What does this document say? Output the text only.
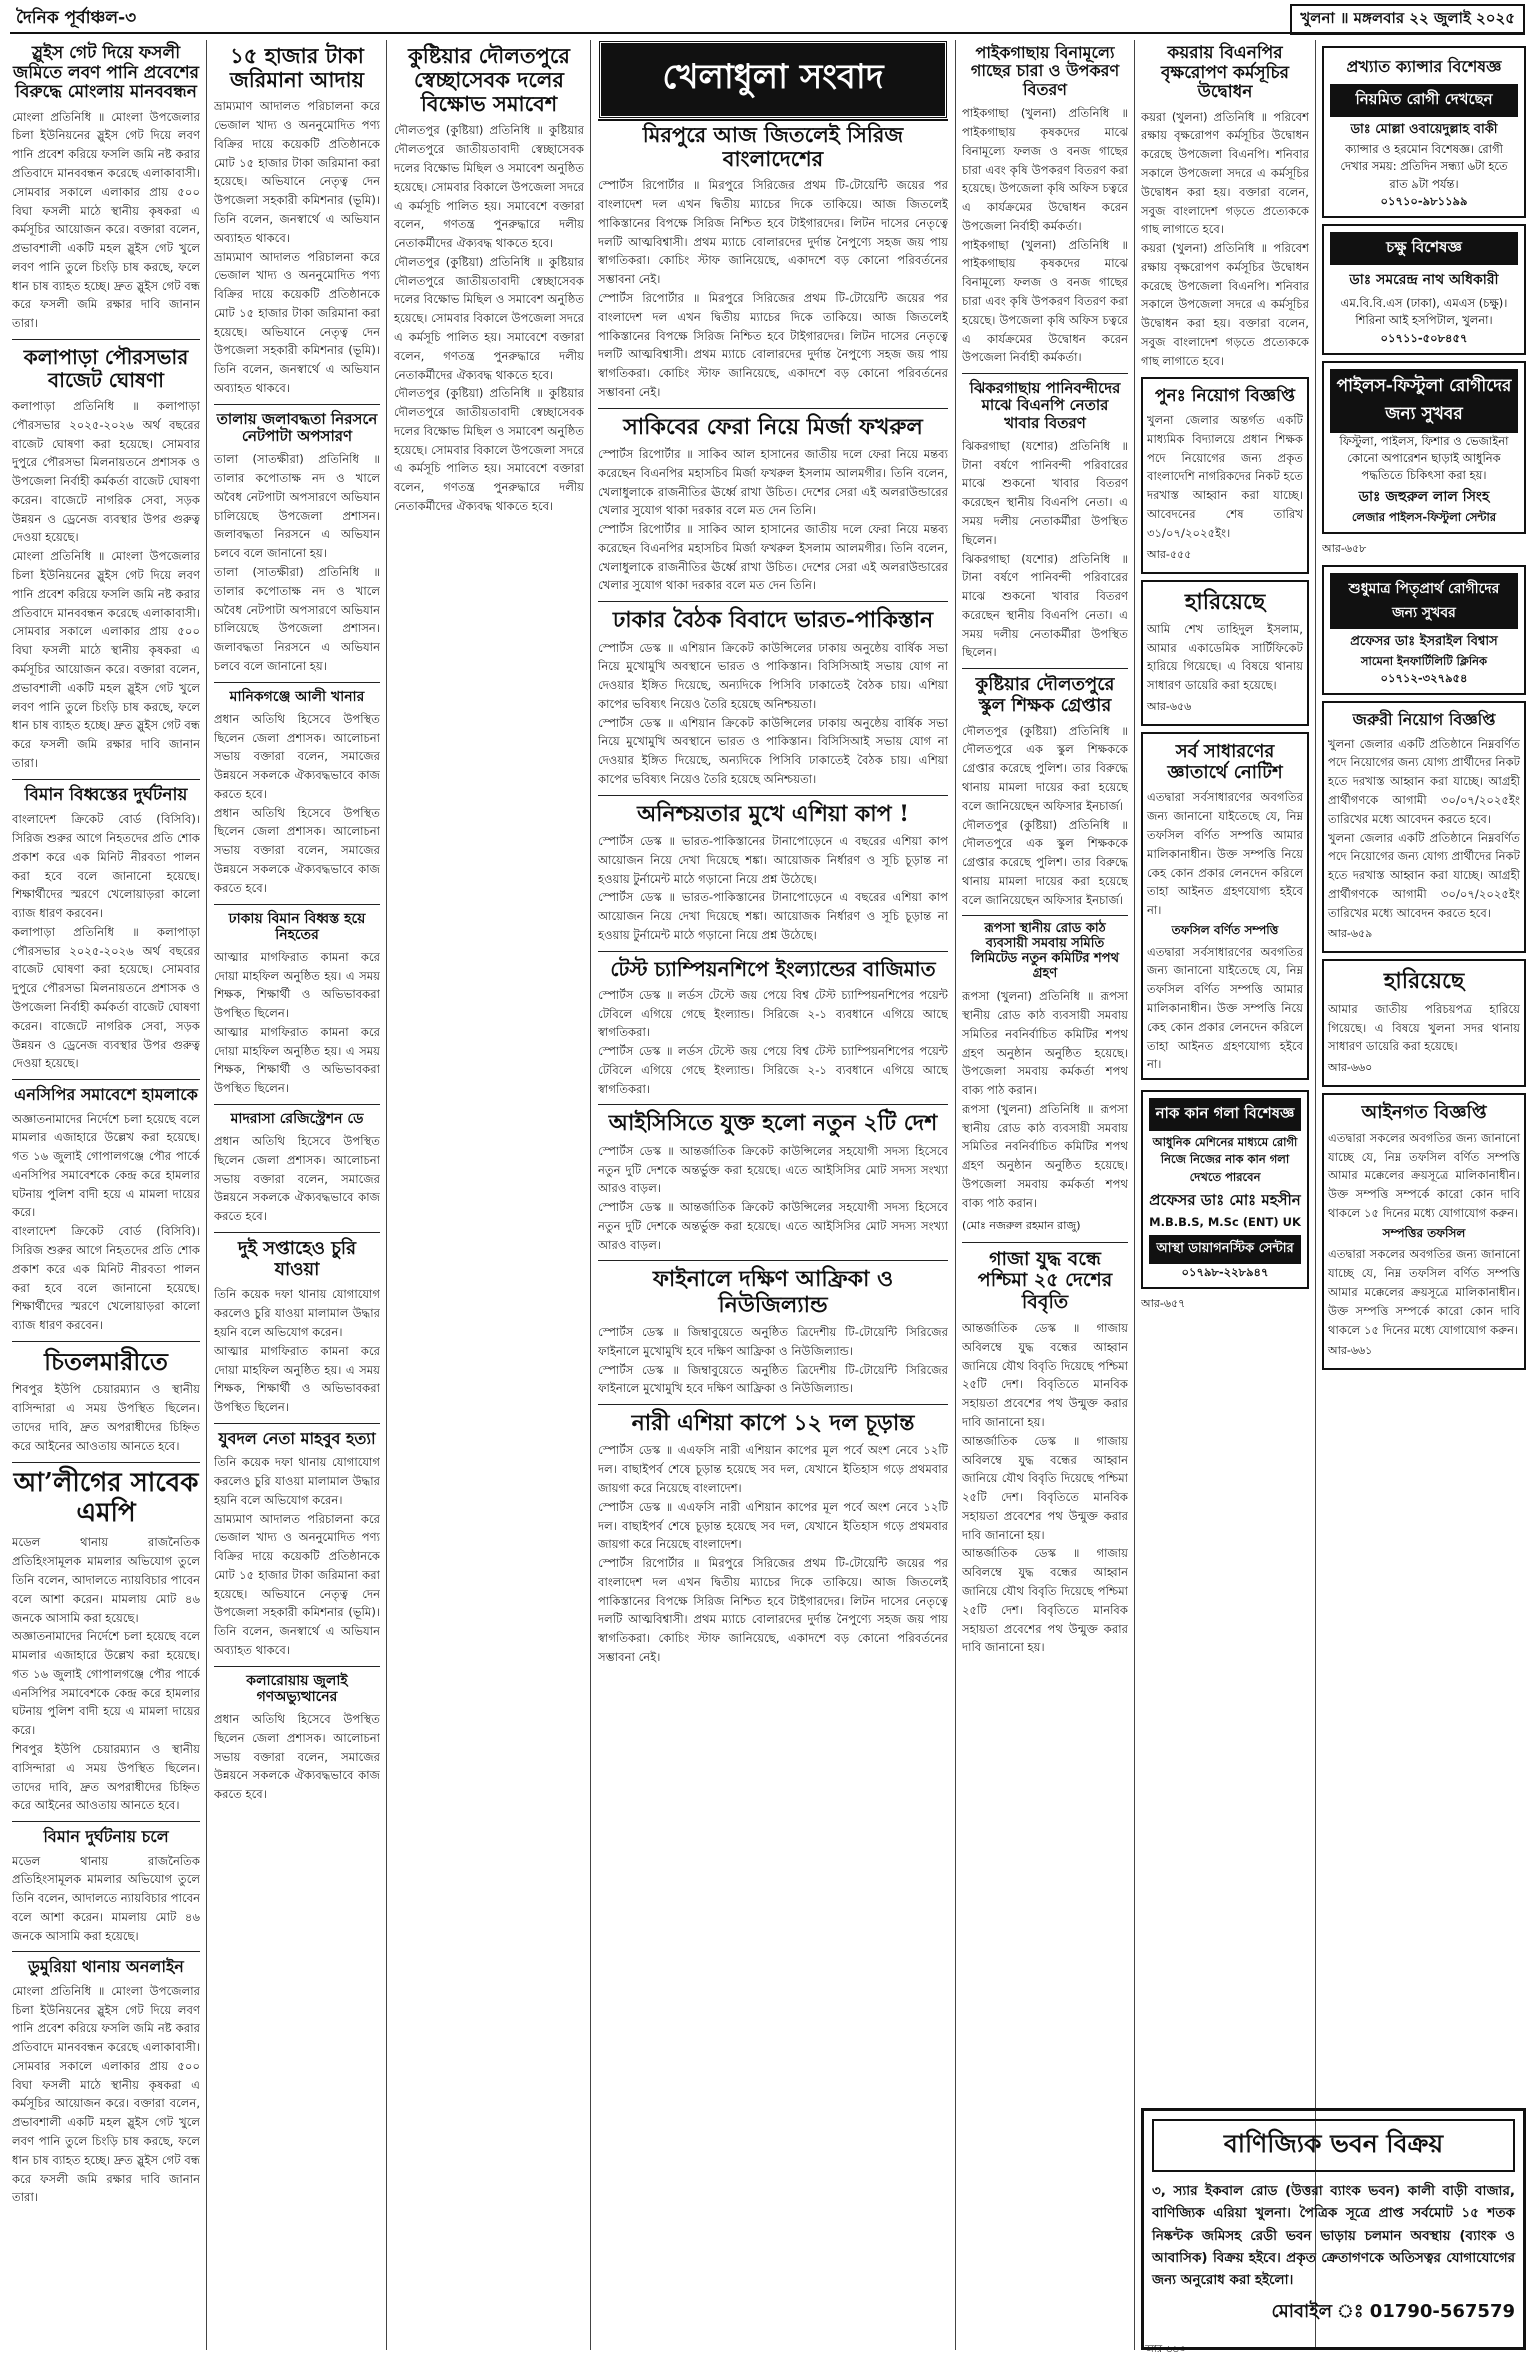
দৈনিক পূর্বাঞ্চল-৩	খুলনা ॥ মঙ্গলবার ২২ জুলাই ২০২৫
স্লুইস গেট দিয়ে ফসলী জমিতে লবণ পানি প্রবেশের বিরুদ্ধে মোংলায় মানববন্ধন

মোংলা প্রতিনিধি ॥ মোংলা উপজেলার চিলা ইউনিয়নের স্লুইস গেট দিয়ে লবণ পানি প্রবেশ করিয়ে ফসলি জমি নষ্ট করার প্রতিবাদে মানববন্ধন করেছে এলাকাবাসী। সোমবার সকালে এলাকার প্রায় ৫০০ বিঘা ফসলী মাঠে স্থানীয় কৃষকরা এ কর্মসূচির আয়োজন করে। বক্তারা বলেন, প্রভাবশালী একটি মহল স্লুইস গেট খুলে লবণ পানি তুলে চিংড়ি চাষ করছে, ফলে ধান চাষ ব্যাহত হচ্ছে। দ্রুত স্লুইস গেট বন্ধ করে ফসলী জমি রক্ষার দাবি জানান তারা।

কলাপাড়া পৌরসভার বাজেট ঘোষণা

কলাপাড়া প্রতিনিধি ॥ কলাপাড়া পৌরসভার ২০২৫-২০২৬ অর্থ বছরের বাজেট ঘোষণা করা হয়েছে। সোমবার দুপুরে পৌরসভা মিলনায়তনে প্রশাসক ও উপজেলা নির্বাহী কর্মকর্তা বাজেট ঘোষণা করেন। বাজেটে নাগরিক সেবা, সড়ক উন্নয়ন ও ড্রেনেজ ব্যবস্থার উপর গুরুত্ব দেওয়া হয়েছে।

মোংলা প্রতিনিধি ॥ মোংলা উপজেলার চিলা ইউনিয়নের স্লুইস গেট দিয়ে লবণ পানি প্রবেশ করিয়ে ফসলি জমি নষ্ট করার প্রতিবাদে মানববন্ধন করেছে এলাকাবাসী। সোমবার সকালে এলাকার প্রায় ৫০০ বিঘা ফসলী মাঠে স্থানীয় কৃষকরা এ কর্মসূচির আয়োজন করে। বক্তারা বলেন, প্রভাবশালী একটি মহল স্লুইস গেট খুলে লবণ পানি তুলে চিংড়ি চাষ করছে, ফলে ধান চাষ ব্যাহত হচ্ছে। দ্রুত স্লুইস গেট বন্ধ করে ফসলী জমি রক্ষার দাবি জানান তারা।

বিমান বিধ্বস্তের দুর্ঘটনায়

বাংলাদেশ ক্রিকেট বোর্ড (বিসিবি)। সিরিজ শুরুর আগে নিহতদের প্রতি শোক প্রকাশ করে এক মিনিট নীরবতা পালন করা হবে বলে জানানো হয়েছে। শিক্ষার্থীদের স্মরণে খেলোয়াড়রা কালো ব্যাজ ধারণ করবেন।

কলাপাড়া প্রতিনিধি ॥ কলাপাড়া পৌরসভার ২০২৫-২০২৬ অর্থ বছরের বাজেট ঘোষণা করা হয়েছে। সোমবার দুপুরে পৌরসভা মিলনায়তনে প্রশাসক ও উপজেলা নির্বাহী কর্মকর্তা বাজেট ঘোষণা করেন। বাজেটে নাগরিক সেবা, সড়ক উন্নয়ন ও ড্রেনেজ ব্যবস্থার উপর গুরুত্ব দেওয়া হয়েছে।

এনসিপির সমাবেশে হামলাকে

অজ্ঞাতনামাদের নির্দেশে চলা হয়েছে বলে মামলার এজাহারে উল্লেখ করা হয়েছে। গত ১৬ জুলাই গোপালগঞ্জে পৌর পার্কে এনসিপির সমাবেশকে কেন্দ্র করে হামলার ঘটনায় পুলিশ বাদী হয়ে এ মামলা দায়ের করে।

বাংলাদেশ ক্রিকেট বোর্ড (বিসিবি)। সিরিজ শুরুর আগে নিহতদের প্রতি শোক প্রকাশ করে এক মিনিট নীরবতা পালন করা হবে বলে জানানো হয়েছে। শিক্ষার্থীদের স্মরণে খেলোয়াড়রা কালো ব্যাজ ধারণ করবেন।

চিতলমারীতে

শিবপুর ইউপি চেয়ারম্যান ও স্থানীয় বাসিন্দারা এ সময় উপস্থিত ছিলেন। তাদের দাবি, দ্রুত অপরাধীদের চিহ্নিত করে আইনের আওতায় আনতে হবে।

আ’লীগের সাবেক এমপি

মডেল থানায় রাজনৈতিক প্রতিহিংসামূলক মামলার অভিযোগ তুলে তিনি বলেন, আদালতে ন্যায়বিচার পাবেন বলে আশা করেন। মামলায় মোট ৪৬ জনকে আসামি করা হয়েছে।

অজ্ঞাতনামাদের নির্দেশে চলা হয়েছে বলে মামলার এজাহারে উল্লেখ করা হয়েছে। গত ১৬ জুলাই গোপালগঞ্জে পৌর পার্কে এনসিপির সমাবেশকে কেন্দ্র করে হামলার ঘটনায় পুলিশ বাদী হয়ে এ মামলা দায়ের করে।

শিবপুর ইউপি চেয়ারম্যান ও স্থানীয় বাসিন্দারা এ সময় উপস্থিত ছিলেন। তাদের দাবি, দ্রুত অপরাধীদের চিহ্নিত করে আইনের আওতায় আনতে হবে।

বিমান দুর্ঘটনায় চলে

মডেল থানায় রাজনৈতিক প্রতিহিংসামূলক মামলার অভিযোগ তুলে তিনি বলেন, আদালতে ন্যায়বিচার পাবেন বলে আশা করেন। মামলায় মোট ৪৬ জনকে আসামি করা হয়েছে।

ডুমুরিয়া থানায় অনলাইন

মোংলা প্রতিনিধি ॥ মোংলা উপজেলার চিলা ইউনিয়নের স্লুইস গেট দিয়ে লবণ পানি প্রবেশ করিয়ে ফসলি জমি নষ্ট করার প্রতিবাদে মানববন্ধন করেছে এলাকাবাসী। সোমবার সকালে এলাকার প্রায় ৫০০ বিঘা ফসলী মাঠে স্থানীয় কৃষকরা এ কর্মসূচির আয়োজন করে। বক্তারা বলেন, প্রভাবশালী একটি মহল স্লুইস গেট খুলে লবণ পানি তুলে চিংড়ি চাষ করছে, ফলে ধান চাষ ব্যাহত হচ্ছে। দ্রুত স্লুইস গেট বন্ধ করে ফসলী জমি রক্ষার দাবি জানান তারা।

১৫ হাজার টাকা জরিমানা আদায়

ভ্রাম্যমাণ আদালত পরিচালনা করে ভেজাল খাদ্য ও অননুমোদিত পণ্য বিক্রির দায়ে কয়েকটি প্রতিষ্ঠানকে মোট ১৫ হাজার টাকা জরিমানা করা হয়েছে। অভিযানে নেতৃত্ব দেন উপজেলা সহকারী কমিশনার (ভূমি)। তিনি বলেন, জনস্বার্থে এ অভিযান অব্যাহত থাকবে।

ভ্রাম্যমাণ আদালত পরিচালনা করে ভেজাল খাদ্য ও অননুমোদিত পণ্য বিক্রির দায়ে কয়েকটি প্রতিষ্ঠানকে মোট ১৫ হাজার টাকা জরিমানা করা হয়েছে। অভিযানে নেতৃত্ব দেন উপজেলা সহকারী কমিশনার (ভূমি)। তিনি বলেন, জনস্বার্থে এ অভিযান অব্যাহত থাকবে।

তালায় জলাবদ্ধতা নিরসনে নেটপাটা অপসারণ

তালা (সাতক্ষীরা) প্রতিনিধি ॥ তালার কপোতাক্ষ নদ ও খালে অবৈধ নেটপাটা অপসারণে অভিযান চালিয়েছে উপজেলা প্রশাসন। জলাবদ্ধতা নিরসনে এ অভিযান চলবে বলে জানানো হয়।

তালা (সাতক্ষীরা) প্রতিনিধি ॥ তালার কপোতাক্ষ নদ ও খালে অবৈধ নেটপাটা অপসারণে অভিযান চালিয়েছে উপজেলা প্রশাসন। জলাবদ্ধতা নিরসনে এ অভিযান চলবে বলে জানানো হয়।

মানিকগঞ্জে আলী খানার

প্রধান অতিথি হিসেবে উপস্থিত ছিলেন জেলা প্রশাসক। আলোচনা সভায় বক্তারা বলেন, সমাজের উন্নয়নে সকলকে ঐক্যবদ্ধভাবে কাজ করতে হবে।

প্রধান অতিথি হিসেবে উপস্থিত ছিলেন জেলা প্রশাসক। আলোচনা সভায় বক্তারা বলেন, সমাজের উন্নয়নে সকলকে ঐক্যবদ্ধভাবে কাজ করতে হবে।

ঢাকায় বিমান বিধ্বস্ত হয়ে নিহতের

আত্মার মাগফিরাত কামনা করে দোয়া মাহফিল অনুষ্ঠিত হয়। এ সময় শিক্ষক, শিক্ষার্থী ও অভিভাবকরা উপস্থিত ছিলেন।

আত্মার মাগফিরাত কামনা করে দোয়া মাহফিল অনুষ্ঠিত হয়। এ সময় শিক্ষক, শিক্ষার্থী ও অভিভাবকরা উপস্থিত ছিলেন।

মাদরাসা রেজিস্ট্রেশন ডে

প্রধান অতিথি হিসেবে উপস্থিত ছিলেন জেলা প্রশাসক। আলোচনা সভায় বক্তারা বলেন, সমাজের উন্নয়নে সকলকে ঐক্যবদ্ধভাবে কাজ করতে হবে।

দুই সপ্তাহেও চুরি যাওয়া

তিনি কয়েক দফা থানায় যোগাযোগ করলেও চুরি যাওয়া মালামাল উদ্ধার হয়নি বলে অভিযোগ করেন।

আত্মার মাগফিরাত কামনা করে দোয়া মাহফিল অনুষ্ঠিত হয়। এ সময় শিক্ষক, শিক্ষার্থী ও অভিভাবকরা উপস্থিত ছিলেন।

যুবদল নেতা মাহবুব হত্যা

তিনি কয়েক দফা থানায় যোগাযোগ করলেও চুরি যাওয়া মালামাল উদ্ধার হয়নি বলে অভিযোগ করেন।

ভ্রাম্যমাণ আদালত পরিচালনা করে ভেজাল খাদ্য ও অননুমোদিত পণ্য বিক্রির দায়ে কয়েকটি প্রতিষ্ঠানকে মোট ১৫ হাজার টাকা জরিমানা করা হয়েছে। অভিযানে নেতৃত্ব দেন উপজেলা সহকারী কমিশনার (ভূমি)। তিনি বলেন, জনস্বার্থে এ অভিযান অব্যাহত থাকবে।

কলারোয়ায় জুলাই গণঅভ্যুত্থানের

প্রধান অতিথি হিসেবে উপস্থিত ছিলেন জেলা প্রশাসক। আলোচনা সভায় বক্তারা বলেন, সমাজের উন্নয়নে সকলকে ঐক্যবদ্ধভাবে কাজ করতে হবে।

কুষ্টিয়ার দৌলতপুরে স্বেচ্ছাসেবক দলের বিক্ষোভ সমাবেশ

দৌলতপুর (কুষ্টিয়া) প্রতিনিধি ॥ কুষ্টিয়ার দৌলতপুরে জাতীয়তাবাদী স্বেচ্ছাসেবক দলের বিক্ষোভ মিছিল ও সমাবেশ অনুষ্ঠিত হয়েছে। সোমবার বিকালে উপজেলা সদরে এ কর্মসূচি পালিত হয়। সমাবেশে বক্তারা বলেন, গণতন্ত্র পুনরুদ্ধারে দলীয় নেতাকর্মীদের ঐক্যবদ্ধ থাকতে হবে।

দৌলতপুর (কুষ্টিয়া) প্রতিনিধি ॥ কুষ্টিয়ার দৌলতপুরে জাতীয়তাবাদী স্বেচ্ছাসেবক দলের বিক্ষোভ মিছিল ও সমাবেশ অনুষ্ঠিত হয়েছে। সোমবার বিকালে উপজেলা সদরে এ কর্মসূচি পালিত হয়। সমাবেশে বক্তারা বলেন, গণতন্ত্র পুনরুদ্ধারে দলীয় নেতাকর্মীদের ঐক্যবদ্ধ থাকতে হবে।

দৌলতপুর (কুষ্টিয়া) প্রতিনিধি ॥ কুষ্টিয়ার দৌলতপুরে জাতীয়তাবাদী স্বেচ্ছাসেবক দলের বিক্ষোভ মিছিল ও সমাবেশ অনুষ্ঠিত হয়েছে। সোমবার বিকালে উপজেলা সদরে এ কর্মসূচি পালিত হয়। সমাবেশে বক্তারা বলেন, গণতন্ত্র পুনরুদ্ধারে দলীয় নেতাকর্মীদের ঐক্যবদ্ধ থাকতে হবে।

খেলাধুলা সংবাদ
মিরপুরে আজ জিতলেই সিরিজ বাংলাদেশের

স্পোর্টস রিপোর্টার ॥ মিরপুরে সিরিজের প্রথম টি-টোয়েন্টি জয়ের পর বাংলাদেশ দল এখন দ্বিতীয় ম্যাচের দিকে তাকিয়ে। আজ জিতলেই পাকিস্তানের বিপক্ষে সিরিজ নিশ্চিত হবে টাইগারদের। লিটন দাসের নেতৃত্বে দলটি আত্মবিশ্বাসী। প্রথম ম্যাচে বোলারদের দুর্দান্ত নৈপুণ্যে সহজ জয় পায় স্বাগতিকরা। কোচিং স্টাফ জানিয়েছে, একাদশে বড় কোনো পরিবর্তনের সম্ভাবনা নেই।

স্পোর্টস রিপোর্টার ॥ মিরপুরে সিরিজের প্রথম টি-টোয়েন্টি জয়ের পর বাংলাদেশ দল এখন দ্বিতীয় ম্যাচের দিকে তাকিয়ে। আজ জিতলেই পাকিস্তানের বিপক্ষে সিরিজ নিশ্চিত হবে টাইগারদের। লিটন দাসের নেতৃত্বে দলটি আত্মবিশ্বাসী। প্রথম ম্যাচে বোলারদের দুর্দান্ত নৈপুণ্যে সহজ জয় পায় স্বাগতিকরা। কোচিং স্টাফ জানিয়েছে, একাদশে বড় কোনো পরিবর্তনের সম্ভাবনা নেই।

সাকিবের ফেরা নিয়ে মির্জা ফখরুল

স্পোর্টস রিপোর্টার ॥ সাকিব আল হাসানের জাতীয় দলে ফেরা নিয়ে মন্তব্য করেছেন বিএনপির মহাসচিব মির্জা ফখরুল ইসলাম আলমগীর। তিনি বলেন, খেলাধুলাকে রাজনীতির ঊর্ধ্বে রাখা উচিত। দেশের সেরা এই অলরাউন্ডারের খেলার সুযোগ থাকা দরকার বলে মত দেন তিনি।

স্পোর্টস রিপোর্টার ॥ সাকিব আল হাসানের জাতীয় দলে ফেরা নিয়ে মন্তব্য করেছেন বিএনপির মহাসচিব মির্জা ফখরুল ইসলাম আলমগীর। তিনি বলেন, খেলাধুলাকে রাজনীতির ঊর্ধ্বে রাখা উচিত। দেশের সেরা এই অলরাউন্ডারের খেলার সুযোগ থাকা দরকার বলে মত দেন তিনি।

ঢাকার বৈঠক বিবাদে ভারত-পাকিস্তান

স্পোর্টস ডেস্ক ॥ এশিয়ান ক্রিকেট কাউন্সিলের ঢাকায় অনুষ্ঠেয় বার্ষিক সভা নিয়ে মুখোমুখি অবস্থানে ভারত ও পাকিস্তান। বিসিসিআই সভায় যোগ না দেওয়ার ইঙ্গিত দিয়েছে, অন্যদিকে পিসিবি ঢাকাতেই বৈঠক চায়। এশিয়া কাপের ভবিষ্যৎ নিয়েও তৈরি হয়েছে অনিশ্চয়তা।

স্পোর্টস ডেস্ক ॥ এশিয়ান ক্রিকেট কাউন্সিলের ঢাকায় অনুষ্ঠেয় বার্ষিক সভা নিয়ে মুখোমুখি অবস্থানে ভারত ও পাকিস্তান। বিসিসিআই সভায় যোগ না দেওয়ার ইঙ্গিত দিয়েছে, অন্যদিকে পিসিবি ঢাকাতেই বৈঠক চায়। এশিয়া কাপের ভবিষ্যৎ নিয়েও তৈরি হয়েছে অনিশ্চয়তা।

অনিশ্চয়তার মুখে এশিয়া কাপ !

স্পোর্টস ডেস্ক ॥ ভারত-পাকিস্তানের টানাপোড়েনে এ বছরের এশিয়া কাপ আয়োজন নিয়ে দেখা দিয়েছে শঙ্কা। আয়োজক নির্ধারণ ও সূচি চূড়ান্ত না হওয়ায় টুর্নামেন্ট মাঠে গড়ানো নিয়ে প্রশ্ন উঠেছে।

স্পোর্টস ডেস্ক ॥ ভারত-পাকিস্তানের টানাপোড়েনে এ বছরের এশিয়া কাপ আয়োজন নিয়ে দেখা দিয়েছে শঙ্কা। আয়োজক নির্ধারণ ও সূচি চূড়ান্ত না হওয়ায় টুর্নামেন্ট মাঠে গড়ানো নিয়ে প্রশ্ন উঠেছে।

টেস্ট চ্যাম্পিয়নশিপে ইংল্যান্ডের বাজিমাত

স্পোর্টস ডেস্ক ॥ লর্ডস টেস্টে জয় পেয়ে বিশ্ব টেস্ট চ্যাম্পিয়নশিপের পয়েন্ট টেবিলে এগিয়ে গেছে ইংল্যান্ড। সিরিজে ২-১ ব্যবধানে এগিয়ে আছে স্বাগতিকরা।

স্পোর্টস ডেস্ক ॥ লর্ডস টেস্টে জয় পেয়ে বিশ্ব টেস্ট চ্যাম্পিয়নশিপের পয়েন্ট টেবিলে এগিয়ে গেছে ইংল্যান্ড। সিরিজে ২-১ ব্যবধানে এগিয়ে আছে স্বাগতিকরা।

আইসিসিতে যুক্ত হলো নতুন ২টি দেশ

স্পোর্টস ডেস্ক ॥ আন্তর্জাতিক ক্রিকেট কাউন্সিলের সহযোগী সদস্য হিসেবে নতুন দুটি দেশকে অন্তর্ভুক্ত করা হয়েছে। এতে আইসিসির মোট সদস্য সংখ্যা আরও বাড়ল।

স্পোর্টস ডেস্ক ॥ আন্তর্জাতিক ক্রিকেট কাউন্সিলের সহযোগী সদস্য হিসেবে নতুন দুটি দেশকে অন্তর্ভুক্ত করা হয়েছে। এতে আইসিসির মোট সদস্য সংখ্যা আরও বাড়ল।

ফাইনালে দক্ষিণ আফ্রিকা ও নিউজিল্যান্ড

স্পোর্টস ডেস্ক ॥ জিম্বাবুয়েতে অনুষ্ঠিত ত্রিদেশীয় টি-টোয়েন্টি সিরিজের ফাইনালে মুখোমুখি হবে দক্ষিণ আফ্রিকা ও নিউজিল্যান্ড।

স্পোর্টস ডেস্ক ॥ জিম্বাবুয়েতে অনুষ্ঠিত ত্রিদেশীয় টি-টোয়েন্টি সিরিজের ফাইনালে মুখোমুখি হবে দক্ষিণ আফ্রিকা ও নিউজিল্যান্ড।

নারী এশিয়া কাপে ১২ দল চূড়ান্ত

স্পোর্টস ডেস্ক ॥ এএফসি নারী এশিয়ান কাপের মূল পর্বে অংশ নেবে ১২টি দল। বাছাইপর্ব শেষে চূড়ান্ত হয়েছে সব দল, যেখানে ইতিহাস গড়ে প্রথমবার জায়গা করে নিয়েছে বাংলাদেশ।

স্পোর্টস ডেস্ক ॥ এএফসি নারী এশিয়ান কাপের মূল পর্বে অংশ নেবে ১২টি দল। বাছাইপর্ব শেষে চূড়ান্ত হয়েছে সব দল, যেখানে ইতিহাস গড়ে প্রথমবার জায়গা করে নিয়েছে বাংলাদেশ।

স্পোর্টস রিপোর্টার ॥ মিরপুরে সিরিজের প্রথম টি-টোয়েন্টি জয়ের পর বাংলাদেশ দল এখন দ্বিতীয় ম্যাচের দিকে তাকিয়ে। আজ জিতলেই পাকিস্তানের বিপক্ষে সিরিজ নিশ্চিত হবে টাইগারদের। লিটন দাসের নেতৃত্বে দলটি আত্মবিশ্বাসী। প্রথম ম্যাচে বোলারদের দুর্দান্ত নৈপুণ্যে সহজ জয় পায় স্বাগতিকরা। কোচিং স্টাফ জানিয়েছে, একাদশে বড় কোনো পরিবর্তনের সম্ভাবনা নেই।

পাইকগাছায় বিনামূল্যে গাছের চারা ও উপকরণ বিতরণ

পাইকগাছা (খুলনা) প্রতিনিধি ॥ পাইকগাছায় কৃষকদের মাঝে বিনামূল্যে ফলজ ও বনজ গাছের চারা এবং কৃষি উপকরণ বিতরণ করা হয়েছে। উপজেলা কৃষি অফিস চত্বরে এ কার্যক্রমের উদ্বোধন করেন উপজেলা নির্বাহী কর্মকর্তা।

পাইকগাছা (খুলনা) প্রতিনিধি ॥ পাইকগাছায় কৃষকদের মাঝে বিনামূল্যে ফলজ ও বনজ গাছের চারা এবং কৃষি উপকরণ বিতরণ করা হয়েছে। উপজেলা কৃষি অফিস চত্বরে এ কার্যক্রমের উদ্বোধন করেন উপজেলা নির্বাহী কর্মকর্তা।

ঝিকরগাছায় পানিবন্দীদের মাঝে বিএনপি নেতার খাবার বিতরণ

ঝিকরগাছা (যশোর) প্রতিনিধি ॥ টানা বর্ষণে পানিবন্দী পরিবারের মাঝে শুকনো খাবার বিতরণ করেছেন স্থানীয় বিএনপি নেতা। এ সময় দলীয় নেতাকর্মীরা উপস্থিত ছিলেন।

ঝিকরগাছা (যশোর) প্রতিনিধি ॥ টানা বর্ষণে পানিবন্দী পরিবারের মাঝে শুকনো খাবার বিতরণ করেছেন স্থানীয় বিএনপি নেতা। এ সময় দলীয় নেতাকর্মীরা উপস্থিত ছিলেন।

কুষ্টিয়ার দৌলতপুরে স্কুল শিক্ষক গ্রেপ্তার

দৌলতপুর (কুষ্টিয়া) প্রতিনিধি ॥ দৌলতপুরে এক স্কুল শিক্ষককে গ্রেপ্তার করেছে পুলিশ। তার বিরুদ্ধে থানায় মামলা দায়ের করা হয়েছে বলে জানিয়েছেন অফিসার ইনচার্জ।

দৌলতপুর (কুষ্টিয়া) প্রতিনিধি ॥ দৌলতপুরে এক স্কুল শিক্ষককে গ্রেপ্তার করেছে পুলিশ। তার বিরুদ্ধে থানায় মামলা দায়ের করা হয়েছে বলে জানিয়েছেন অফিসার ইনচার্জ।

রূপসা স্থানীয় রোড কাঠ ব্যবসায়ী সমবায় সমিতি লিমিটেড নতুন কমিটির শপথ গ্রহণ

রূপসা (খুলনা) প্রতিনিধি ॥ রূপসা স্থানীয় রোড কাঠ ব্যবসায়ী সমবায় সমিতির নবনির্বাচিত কমিটির শপথ গ্রহণ অনুষ্ঠান অনুষ্ঠিত হয়েছে। উপজেলা সমবায় কর্মকর্তা শপথ বাক্য পাঠ করান।

রূপসা (খুলনা) প্রতিনিধি ॥ রূপসা স্থানীয় রোড কাঠ ব্যবসায়ী সমবায় সমিতির নবনির্বাচিত কমিটির শপথ গ্রহণ অনুষ্ঠান অনুষ্ঠিত হয়েছে। উপজেলা সমবায় কর্মকর্তা শপথ বাক্য পাঠ করান।

(মোঃ নজরুল রহমান রাজু)

গাজা যুদ্ধ বন্ধে পশ্চিমা ২৫ দেশের বিবৃতি

আন্তর্জাতিক ডেস্ক ॥ গাজায় অবিলম্বে যুদ্ধ বন্ধের আহ্বান জানিয়ে যৌথ বিবৃতি দিয়েছে পশ্চিমা ২৫টি দেশ। বিবৃতিতে মানবিক সহায়তা প্রবেশের পথ উন্মুক্ত করার দাবি জানানো হয়।

আন্তর্জাতিক ডেস্ক ॥ গাজায় অবিলম্বে যুদ্ধ বন্ধের আহ্বান জানিয়ে যৌথ বিবৃতি দিয়েছে পশ্চিমা ২৫টি দেশ। বিবৃতিতে মানবিক সহায়তা প্রবেশের পথ উন্মুক্ত করার দাবি জানানো হয়।

আন্তর্জাতিক ডেস্ক ॥ গাজায় অবিলম্বে যুদ্ধ বন্ধের আহ্বান জানিয়ে যৌথ বিবৃতি দিয়েছে পশ্চিমা ২৫টি দেশ। বিবৃতিতে মানবিক সহায়তা প্রবেশের পথ উন্মুক্ত করার দাবি জানানো হয়।

কয়রায় বিএনপির বৃক্ষরোপণ কর্মসূচির উদ্বোধন

কয়রা (খুলনা) প্রতিনিধি ॥ পরিবেশ রক্ষায় বৃক্ষরোপণ কর্মসূচির উদ্বোধন করেছে উপজেলা বিএনপি। শনিবার সকালে উপজেলা সদরে এ কর্মসূচির উদ্বোধন করা হয়। বক্তারা বলেন, সবুজ বাংলাদেশ গড়তে প্রত্যেককে গাছ লাগাতে হবে।

কয়রা (খুলনা) প্রতিনিধি ॥ পরিবেশ রক্ষায় বৃক্ষরোপণ কর্মসূচির উদ্বোধন করেছে উপজেলা বিএনপি। শনিবার সকালে উপজেলা সদরে এ কর্মসূচির উদ্বোধন করা হয়। বক্তারা বলেন, সবুজ বাংলাদেশ গড়তে প্রত্যেককে গাছ লাগাতে হবে।

পুনঃ নিয়োগ বিজ্ঞপ্তি

খুলনা জেলার অন্তর্গত একটি মাধ্যমিক বিদ্যালয়ে প্রধান শিক্ষক পদে নিয়োগের জন্য প্রকৃত বাংলাদেশি নাগরিকদের নিকট হতে দরখাস্ত আহ্বান করা যাচ্ছে। আবেদনের শেষ তারিখ ৩১/০৭/২০২৫ইং।

আর-৫৫৫

হারিয়েছে

আমি শেখ তাহিদুল ইসলাম, আমার একাডেমিক সার্টিফিকেট হারিয়ে গিয়েছে। এ বিষয়ে থানায় সাধারণ ডায়েরি করা হয়েছে।

আর-৬৫৬

সর্ব সাধারণের জ্ঞাতার্থে নোটিশ

এতদ্বারা সর্বসাধারণের অবগতির জন্য জানানো যাইতেছে যে, নিম্ন তফসিল বর্ণিত সম্পত্তি আমার মালিকানাধীন। উক্ত সম্পত্তি নিয়ে কেহ কোন প্রকার লেনদেন করিলে তাহা আইনত গ্রহণযোগ্য হইবে না।

তফসিল বর্ণিত সম্পত্তি

এতদ্বারা সর্বসাধারণের অবগতির জন্য জানানো যাইতেছে যে, নিম্ন তফসিল বর্ণিত সম্পত্তি আমার মালিকানাধীন। উক্ত সম্পত্তি নিয়ে কেহ কোন প্রকার লেনদেন করিলে তাহা আইনত গ্রহণযোগ্য হইবে না।

নাক কান গলা বিশেষজ্ঞ

আধুনিক মেশিনের মাধ্যমে রোগী নিজে নিজের নাক কান গলা দেখতে পারবেন

প্রফেসর ডাঃ মোঃ মহসীন
M.B.B.S, M.Sc (ENT) UK
আস্থা ডায়াগনস্টিক সেন্টার
০১৭৯৮-২২৮৯৪৭

আর-৬৫৭

প্রখ্যাত ক্যান্সার বিশেষজ্ঞ
নিয়মিত রোগী দেখছেন
ডাঃ মোল্লা ওবায়েদুল্লাহ বাকী

ক্যান্সার ও হরমোন বিশেষজ্ঞ। রোগী দেখার সময়: প্রতিদিন সন্ধ্যা ৬টা হতে রাত ৯টা পর্যন্ত।

০১৭১০-৯৮১১৯৯
চক্ষু বিশেষজ্ঞ
ডাঃ সমরেন্দ্র নাথ অধিকারী

এম.বি.বি.এস (ঢাকা), এমএস (চক্ষু)। শিরিনা আই হসপিটাল, খুলনা।

০১৭১১-৫০৮৪৫৭
পাইলস-ফিস্টুলা রোগীদের জন্য সুখবর

ফিস্টুলা, পাইলস, ফিশার ও ভেজাইনা কোনো অপারেশন ছাড়াই আধুনিক পদ্ধতিতে চিকিৎসা করা হয়।

ডাঃ জহুরুল লাল সিংহ
লেজার পাইলস-ফিস্টুলা সেন্টার

আর-৬৫৮

শুধুমাত্র পিতৃপ্রার্থ রোগীদের জন্য সুখবর
প্রফেসর ডাঃ ইসরাইল বিশ্বাস
সামেনা ইনফার্টিলিটি ক্লিনিক
০১৭১২-৩২৭৯৫৪
জরুরী নিয়োগ বিজ্ঞপ্তি

খুলনা জেলার একটি প্রতিষ্ঠানে নিম্নবর্ণিত পদে নিয়োগের জন্য যোগ্য প্রার্থীদের নিকট হতে দরখাস্ত আহ্বান করা যাচ্ছে। আগ্রহী প্রার্থীগণকে আগামী ৩০/০৭/২০২৫ইং তারিখের মধ্যে আবেদন করতে হবে।

খুলনা জেলার একটি প্রতিষ্ঠানে নিম্নবর্ণিত পদে নিয়োগের জন্য যোগ্য প্রার্থীদের নিকট হতে দরখাস্ত আহ্বান করা যাচ্ছে। আগ্রহী প্রার্থীগণকে আগামী ৩০/০৭/২০২৫ইং তারিখের মধ্যে আবেদন করতে হবে।

আর-৬৫৯

হারিয়েছে

আমার জাতীয় পরিচয়পত্র হারিয়ে গিয়েছে। এ বিষয়ে খুলনা সদর থানায় সাধারণ ডায়েরি করা হয়েছে।

আর-৬৬০

আইনগত বিজ্ঞপ্তি

এতদ্বারা সকলের অবগতির জন্য জানানো যাচ্ছে যে, নিম্ন তফসিল বর্ণিত সম্পত্তি আমার মক্কেলের ক্রয়সূত্রে মালিকানাধীন। উক্ত সম্পত্তি সম্পর্কে কারো কোন দাবি থাকলে ১৫ দিনের মধ্যে যোগাযোগ করুন।

সম্পত্তির তফসিল

এতদ্বারা সকলের অবগতির জন্য জানানো যাচ্ছে যে, নিম্ন তফসিল বর্ণিত সম্পত্তি আমার মক্কেলের ক্রয়সূত্রে মালিকানাধীন। উক্ত সম্পত্তি সম্পর্কে কারো কোন দাবি থাকলে ১৫ দিনের মধ্যে যোগাযোগ করুন।

আর-৬৬১

বাণিজ্যিক ভবন বিক্রয়

৩, স্যার ইকবাল রোড (উত্তরা ব্যাংক ভবন) কালী বাড়ী বাজার, বাণিজ্যিক এরিয়া খুলনা। পৈত্রিক সূত্রে প্রাপ্ত সর্বমোট ১৫ শতক নিষ্কন্টক জমিসহ রেডী ভবন ভাড়ায় চলমান অবস্থায় (ব্যাংক ও আবাসিক) বিক্রয় হইবে। প্রকৃত ক্রেতাগণকে অতিসত্বর যোগাযোগের জন্য অনুরোধ করা হইলো।

মোবাইল ঃ 01790-567579

আর-৬৬৩
